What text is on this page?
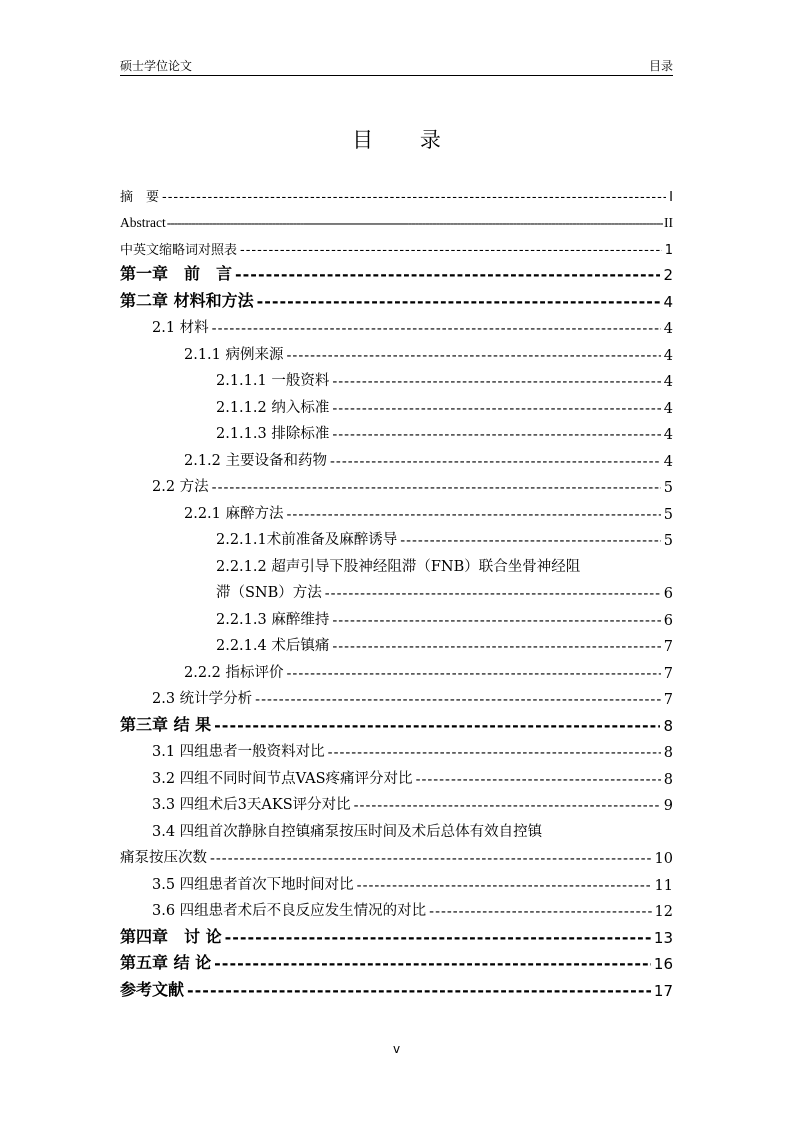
硕士学位论文	目录
目 录
摘　要 -----	I
Abstract -----	II
中英文缩略词对照表 -----	1
第一章　前　言 -----	2
第二章 材料和方法 -----	4
2.1 材料 -----	4
2.1.1 病例来源 -----	4
2.1.1.1 一般资料 -----	4
2.1.1.2 纳入标准 -----	4
2.1.1.3 排除标准 -----	4
2.1.2 主要设备和药物 -----	4
2.2 方法 -----	5
2.2.1 麻醉方法 -----	5
2.2.1.1术前准备及麻醉诱导 -----	5
2.2.1.2 超声引导下股神经阻滞（FNB）联合坐骨神经阻
滞（SNB）方法 -----	6
2.2.1.3 麻醉维持 -----	6
2.2.1.4 术后镇痛 -----	7
2.2.2 指标评价 -----	7
2.3 统计学分析 -----	7
第三章 结 果 -----	8
3.1 四组患者一般资料对比 -----	8
3.2 四组不同时间节点VAS疼痛评分对比 -----	8
3.3 四组术后3天AKS评分对比 -----	9
3.4 四组首次静脉自控镇痛泵按压时间及术后总体有效自控镇
痛泵按压次数 -----	10
3.5 四组患者首次下地时间对比 -----	11
3.6 四组患者术后不良反应发生情况的对比 -----	12
第四章　讨 论 -----	13
第五章 结 论 -----	16
参考文献 -----	17
v
